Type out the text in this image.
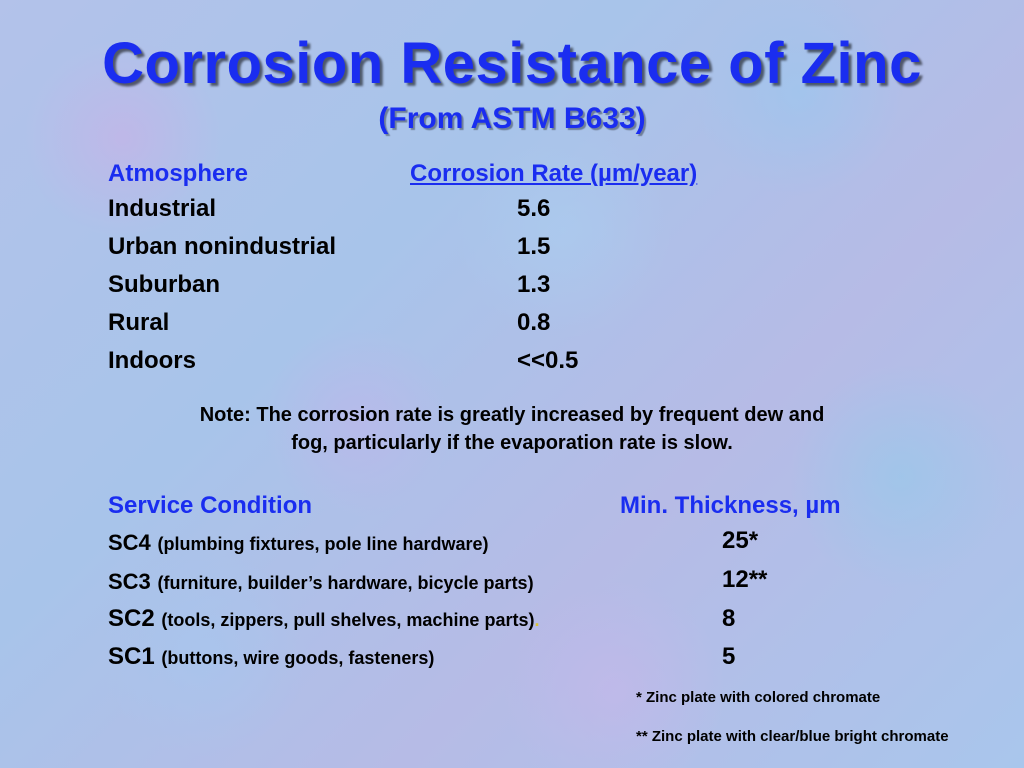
Corrosion Resistance of Zinc
(From ASTM B633)
Atmosphere	Corrosion Rate (µm/year)
Industrial	5.6
Urban nonindustrial	1.5
Suburban	1.3
Rural	0.8
Indoors	<<0.5
Note: The corrosion rate is greatly increased by frequent dew and
fog, particularly if the evaporation rate is slow.
Service Condition	Min. Thickness, µm
SC4 (plumbing fixtures, pole line hardware)	25*
SC3 (furniture, builder’s hardware, bicycle parts)	12**
SC2 (tools, zippers, pull shelves, machine parts).	8
SC1 (buttons, wire goods, fasteners)	5
* Zinc plate with colored chromate
** Zinc plate with clear/blue bright chromate
